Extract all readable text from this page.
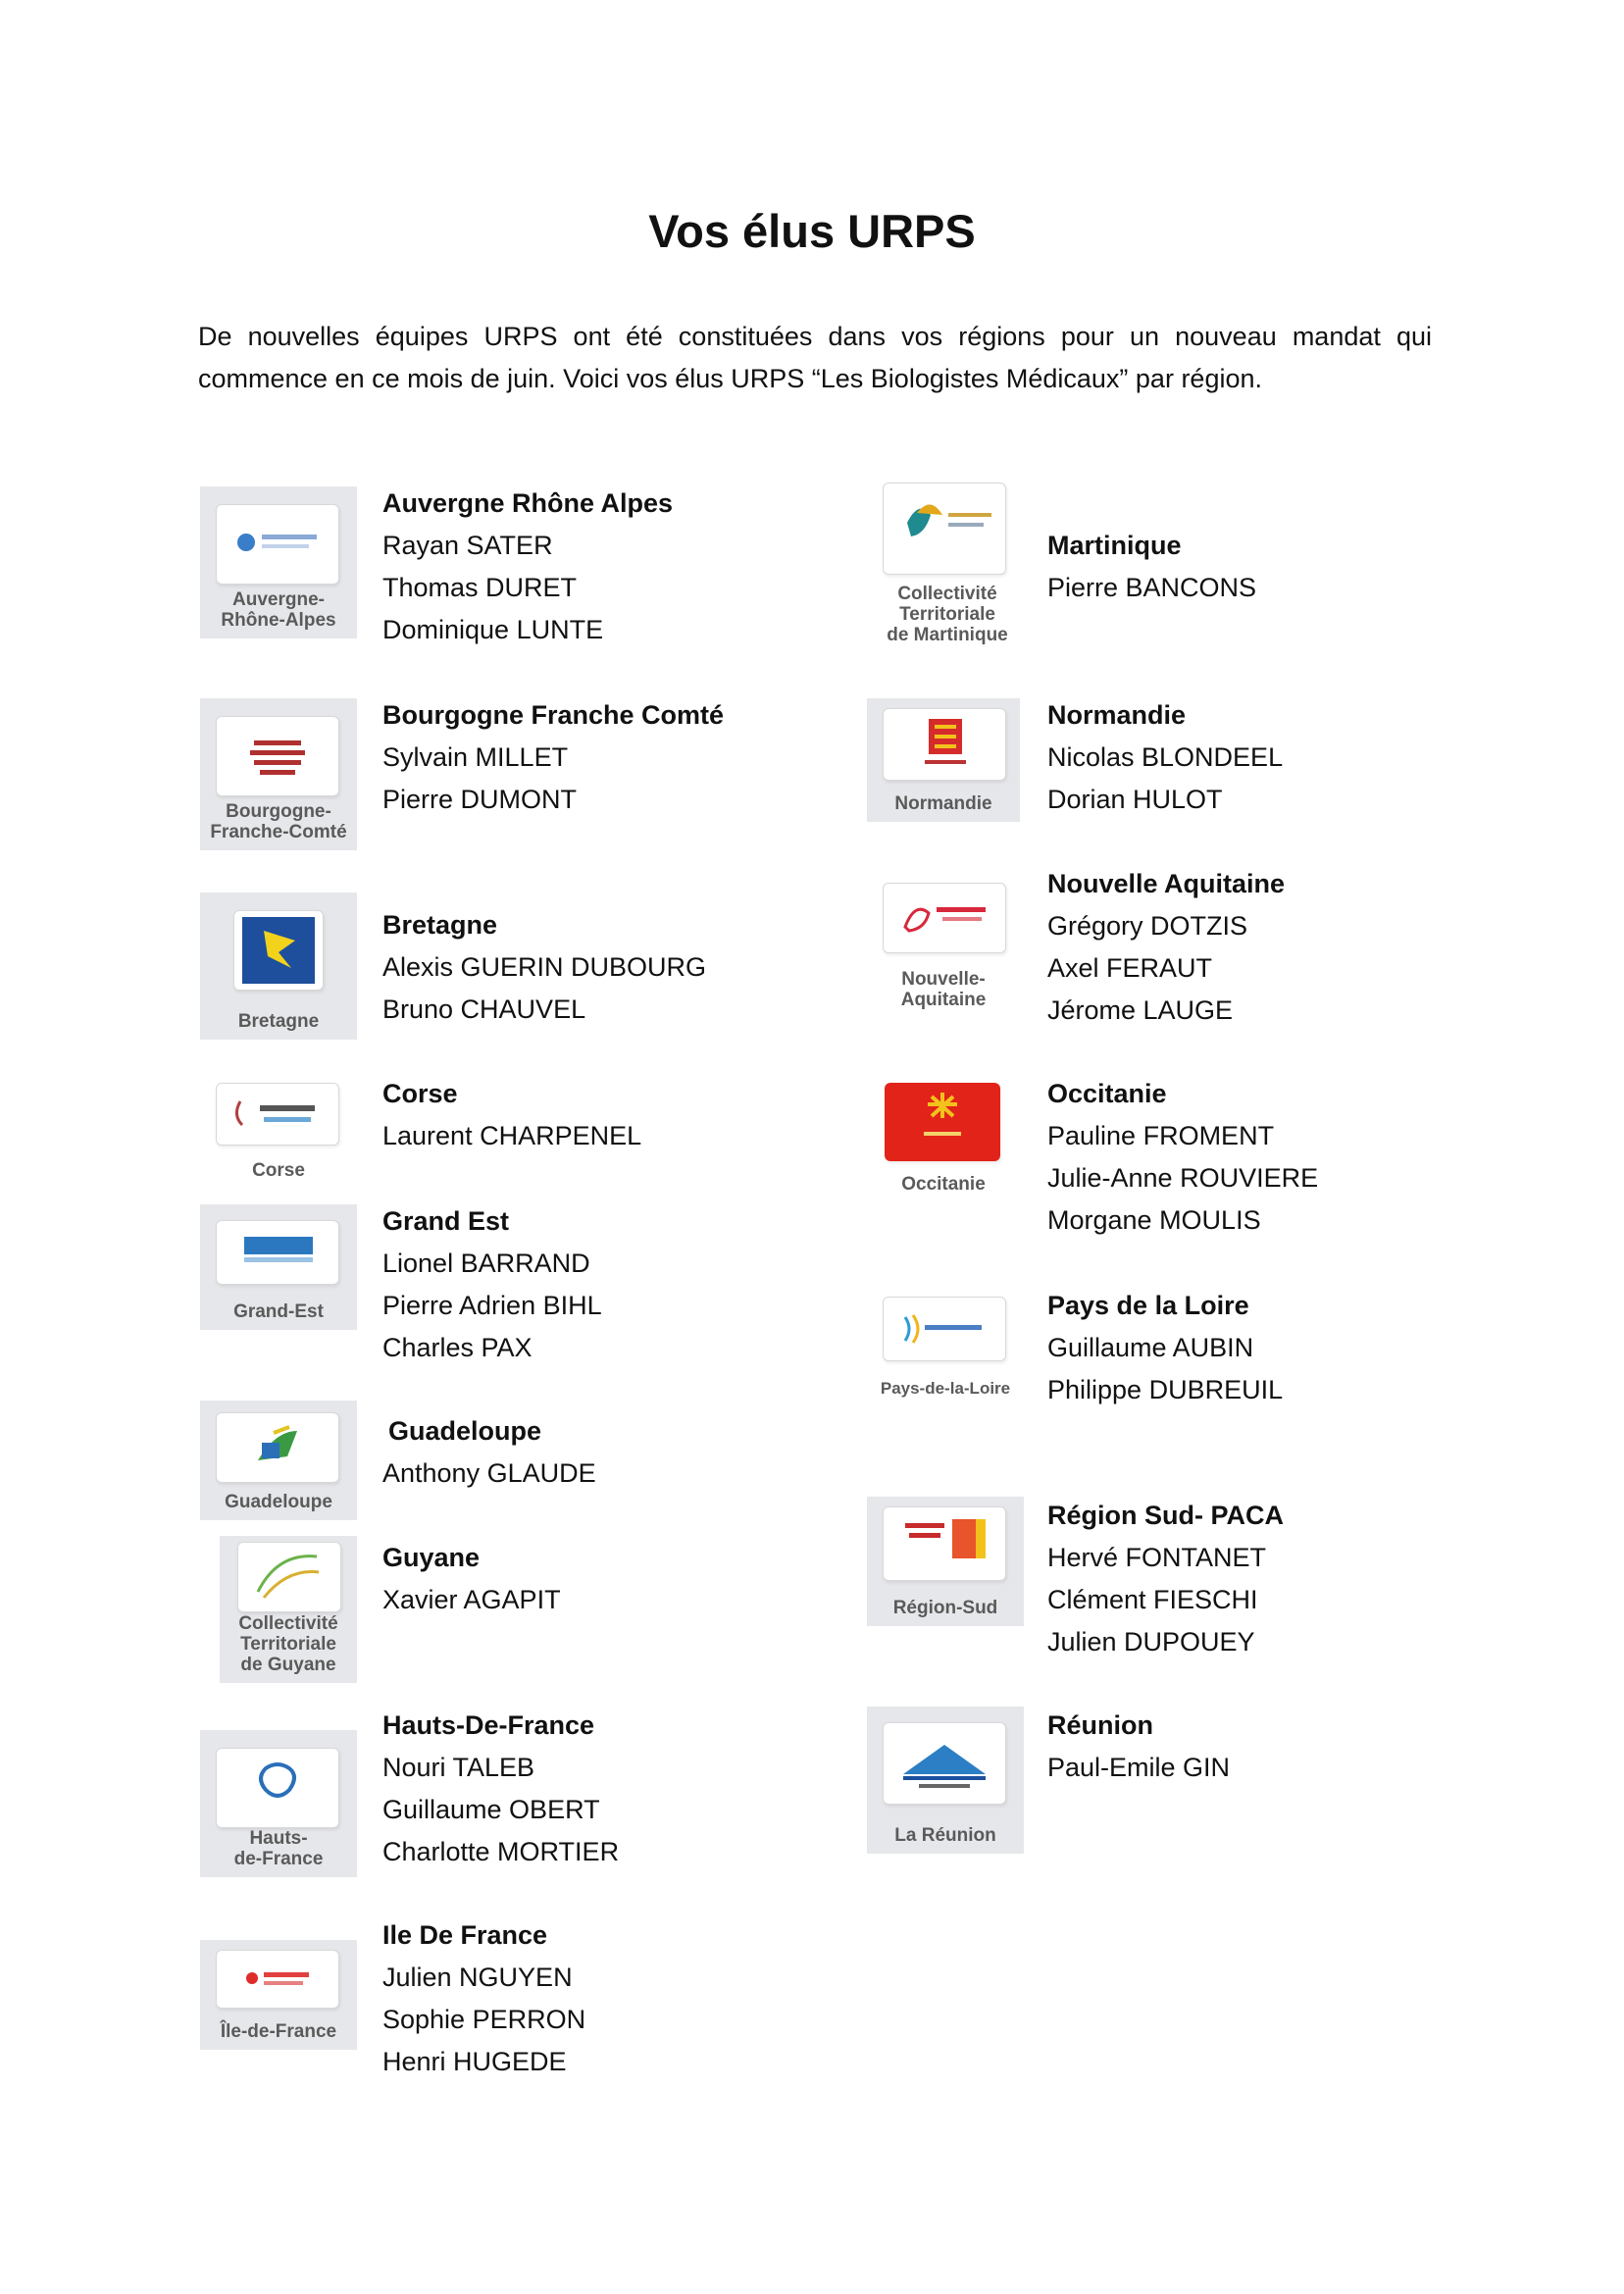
Vos élus URPS

De nouvelles équipes URPS ont été constituées dans vos régions pour un nouveau mandat qui commence en ce mois de juin. Voici vos élus URPS “Les Biologistes Médicaux” par région.

Auvergne-
Rhône-Alpes
Auvergne Rhône Alpes
Rayan SATER
Thomas DURET
Dominique LUNTE
Bourgogne-
Franche-Comté
Bourgogne Franche Comté
Sylvain MILLET
Pierre DUMONT
Bretagne
Bretagne
Alexis GUERIN DUBOURG
Bruno CHAUVEL
Corse
Corse
Laurent CHARPENEL
Grand-Est
Grand Est
Lionel BARRAND
Pierre Adrien BIHL
Charles PAX
Guadeloupe
Guadeloupe
Anthony GLAUDE
Collectivité
Territoriale
de Guyane
Guyane
Xavier AGAPIT
Hauts-
de-France
Hauts-De-France
Nouri TALEB
Guillaume OBERT
Charlotte MORTIER
Île-de-France
Ile De France
Julien NGUYEN
Sophie PERRON
Henri HUGEDE
Collectivité
Territoriale
de Martinique
Martinique
Pierre BANCONS
Normandie
Normandie
Nicolas BLONDEEL
Dorian HULOT
Nouvelle-
Aquitaine
Nouvelle Aquitaine
Grégory DOTZIS
Axel FERAUT
Jérome LAUGE
Occitanie
Occitanie
Pauline FROMENT
Julie-Anne ROUVIERE
Morgane MOULIS
Pays-de-la-Loire
Pays de la Loire
Guillaume AUBIN
Philippe DUBREUIL
Région-Sud
Région Sud- PACA
Hervé FONTANET
Clément FIESCHI
Julien DUPOUEY
La Réunion
Réunion
Paul-Emile GIN
